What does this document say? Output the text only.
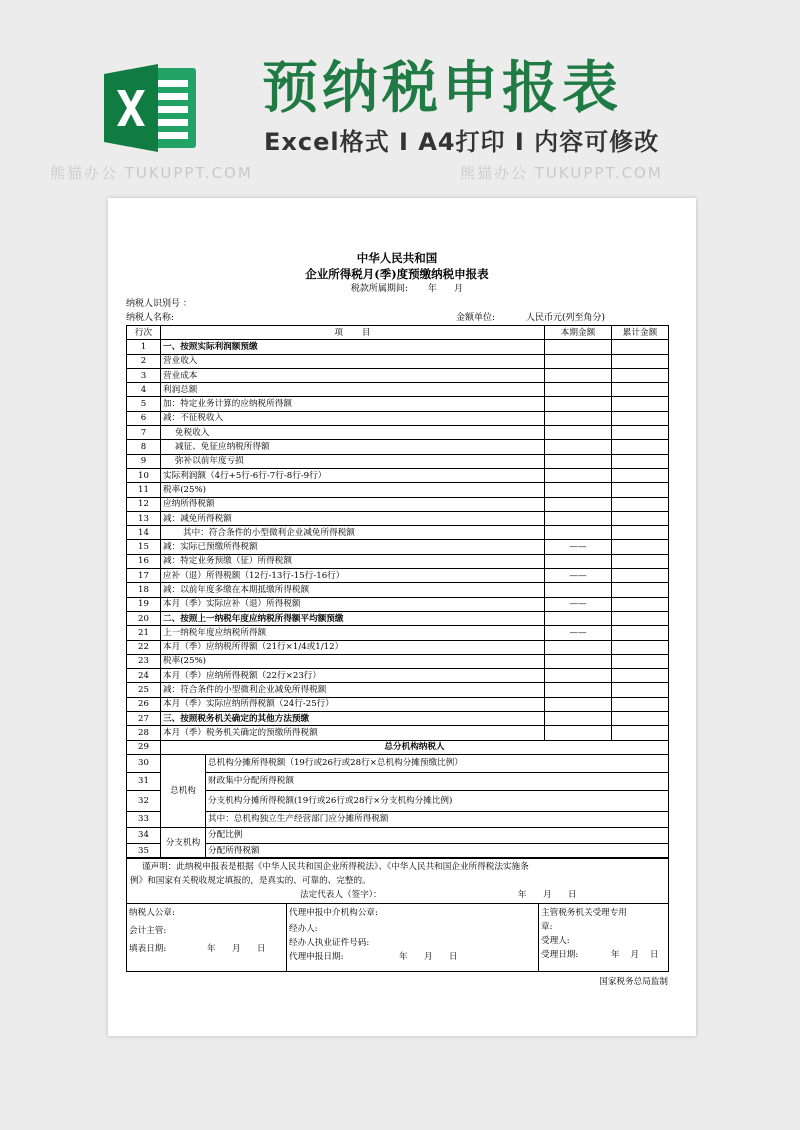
预纳税申报表
Excel格式 I A4打印 I 内容可修改
熊猫办公 TUKUPPT.COM	熊猫办公 TUKUPPT.COM
中华人民共和国
企业所得税月(季)度预缴纳税申报表
税款所属期间:       年      月
纳税人识别号 ：
纳税人名称:	金额单位:	人民币元(列至角分)
行次	项       目		本期金额	累计金额
1	一、按照实际利润额预缴			
2	营业收入			
3	营业成本			
4	利润总额			
5	加：特定业务计算的应纳税所得额			
6	减：不征税收入			
7	免税收入			
8	减征、免征应纳税所得额			
9	弥补以前年度亏损			
10	实际利润额（4行+5行-6行-7行-8行-9行）			
11	税率(25%)			
12	应纳所得税额			
13	减：减免所得税额			
14	其中：符合条件的小型微利企业减免所得税额			
15	减：实际已预缴所得税额		——	
16	减：特定业务预缴（征）所得税额			
17	应补（退）所得税额（12行-13行-15行-16行）		——	
18	减：以前年度多缴在本期抵缴所得税额			
19	本月（季）实际应补（退）所得税额		——	
20	二、按照上一纳税年度应纳税所得额平均额预缴			
21	上一纳税年度应纳税所得额		——	
22	本月（季）应纳税所得额（21行×1/4或1/12）			
23	税率(25%)			
24	本月（季）应纳所得税额（22行×23行）			
25	减：符合条件的小型微利企业减免所得税额			
26	本月（季）实际应纳所得税额（24行-25行）			
27	三、按照税务机关确定的其他方法预缴			
28	本月（季）税务机关确定的预缴所得税额			
29	总分机构纳税人			
30	总机构	总机构分摊所得税额（19行或26行或28行×总机构分摊预缴比例）		
31		财政集中分配所得税额		
32		分支机构分摊所得税额(19行或26行或28行×分支机构分摊比例)		
33		其中：总机构独立生产经营部门应分摊所得税额		
34	分支机构	分配比例		
35		分配所得税额		
谨声明：此纳税申报表是根据《中华人民共和国企业所得税法》、《中华人民共和国企业所得税法实施条
例》和国家有关税收规定填报的，是真实的、可靠的、完整的。
法定代表人（签字）：	年      月      日

纳税人公章:
会计主管:
填表日期:	年      月      日

代理申报中介机构公章:
经办人:
经办人执业证件号码:
代理申报日期:	年      月      日

主管税务机关受理专用
章:
受理人:
受理日期:	年    月    日
国家税务总局监制
